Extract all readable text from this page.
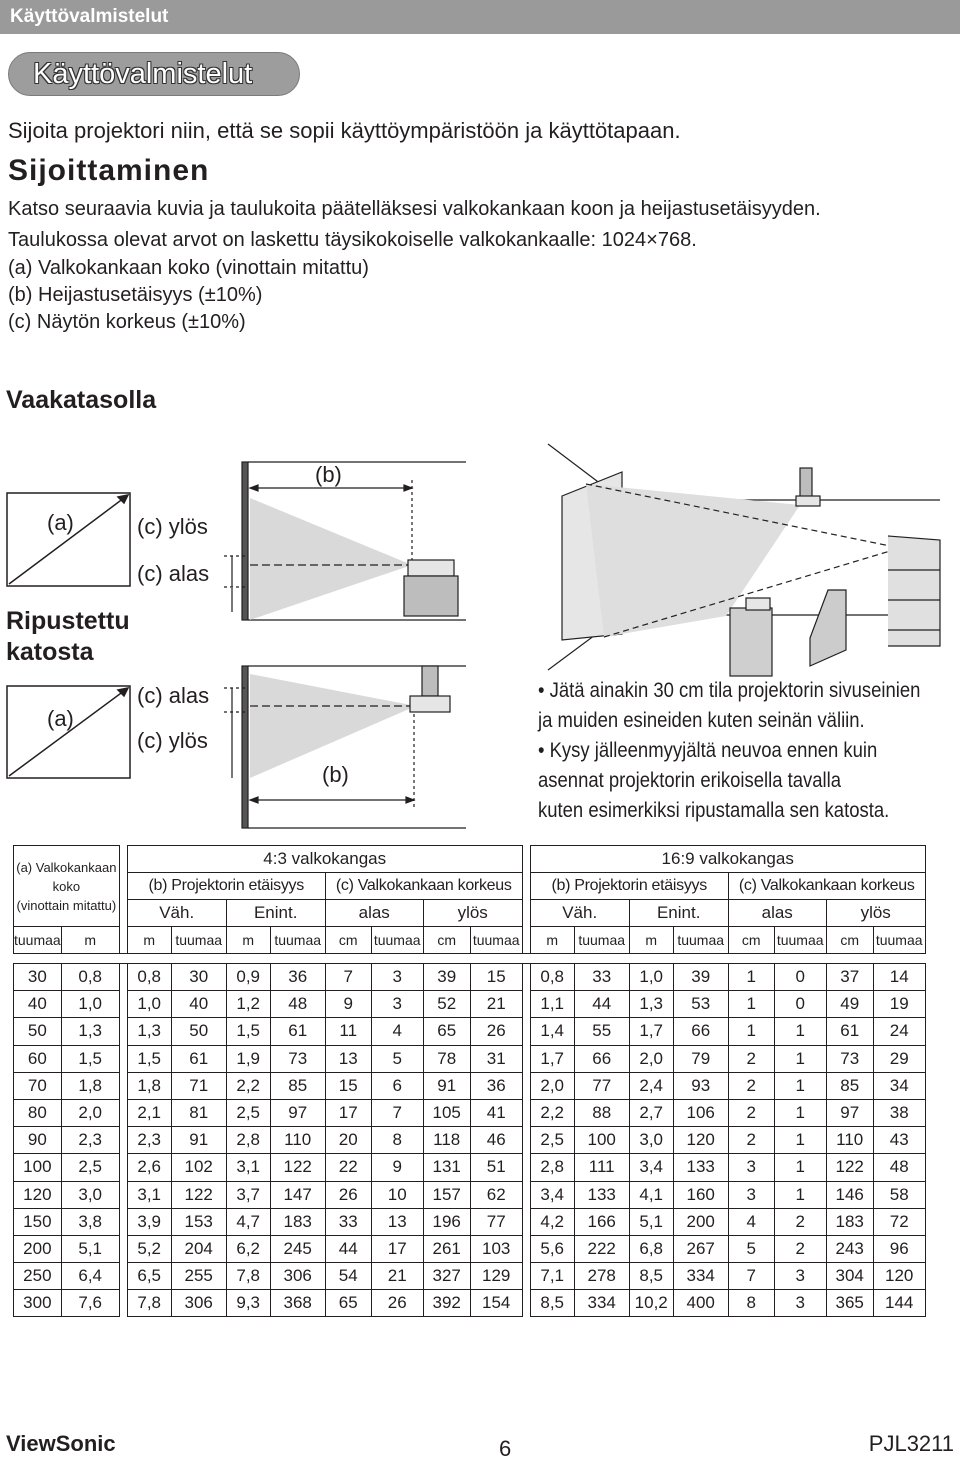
Käyttövalmistelut
Käyttövalmistelut
Sijoita projektori niin, että se sopii käyttöympäristöön ja käyttötapaan.
Sijoittaminen
Katso seuraavia kuvia ja taulukoita päätelläksesi valkokankaan koon ja heijastusetäisyyden.
Taulukossa olevat arvot on laskettu täysikokoiselle valkokankaalle: 1024×768.
(a) Valkokankaan koko (vinottain mitattu)
(b) Heijastusetäisyys (±10%)
(c) Näytön korkeus (±10%)
Vaakatasolla
Ripustettu katosta
(a)
(a)
(b)
(b)
(c) ylös
(c) alas
(c) alas
(c) ylös
• Jätä ainakin 30 cm tila projektorin sivuseinien
ja muiden esineiden kuten seinän väliin.
• Kysy jälleenmyyjältä neuvoa ennen kuin
asennat projektorin erikoisella tavalla
kuten esimerkiksi ripustamalla sen katosta.
(a) Valkokankaan
koko
(vinottain mitattu)			4:3 valkokangas									16:9 valkokangas							
			(b) Projektorin etäisyys				(c) Valkokankaan korkeus					(b) Projektorin etäisyys				(c) Valkokankaan korkeus			
			Väh.		Enint.		alas		ylös			Väh.		Enint.		alas		ylös	
tuumaa	m		m	tuumaa	m	tuumaa	cm	tuumaa	cm	tuumaa		m	tuumaa	m	tuumaa	cm	tuumaa	cm	tuumaa

30	0,8		0,8	30	0,9	36	7	3	39	15		0,8	33	1,0	39	1	0	37	14
40	1,0		1,0	40	1,2	48	9	3	52	21		1,1	44	1,3	53	1	0	49	19
50	1,3		1,3	50	1,5	61	11	4	65	26		1,4	55	1,7	66	1	1	61	24
60	1,5		1,5	61	1,9	73	13	5	78	31		1,7	66	2,0	79	2	1	73	29
70	1,8		1,8	71	2,2	85	15	6	91	36		2,0	77	2,4	93	2	1	85	34
80	2,0		2,1	81	2,5	97	17	7	105	41		2,2	88	2,7	106	2	1	97	38
90	2,3		2,3	91	2,8	110	20	8	118	46		2,5	100	3,0	120	2	1	110	43
100	2,5		2,6	102	3,1	122	22	9	131	51		2,8	111	3,4	133	3	1	122	48
120	3,0		3,1	122	3,7	147	26	10	157	62		3,4	133	4,1	160	3	1	146	58
150	3,8		3,9	153	4,7	183	33	13	196	77		4,2	166	5,1	200	4	2	183	72
200	5,1		5,2	204	6,2	245	44	17	261	103		5,6	222	6,8	267	5	2	243	96
250	6,4		6,5	255	7,8	306	54	21	327	129		7,1	278	8,5	334	7	3	304	120
300	7,6		7,8	306	9,3	368	65	26	392	154		8,5	334	10,2	400	8	3	365	144
ViewSonic	6	PJL3211
